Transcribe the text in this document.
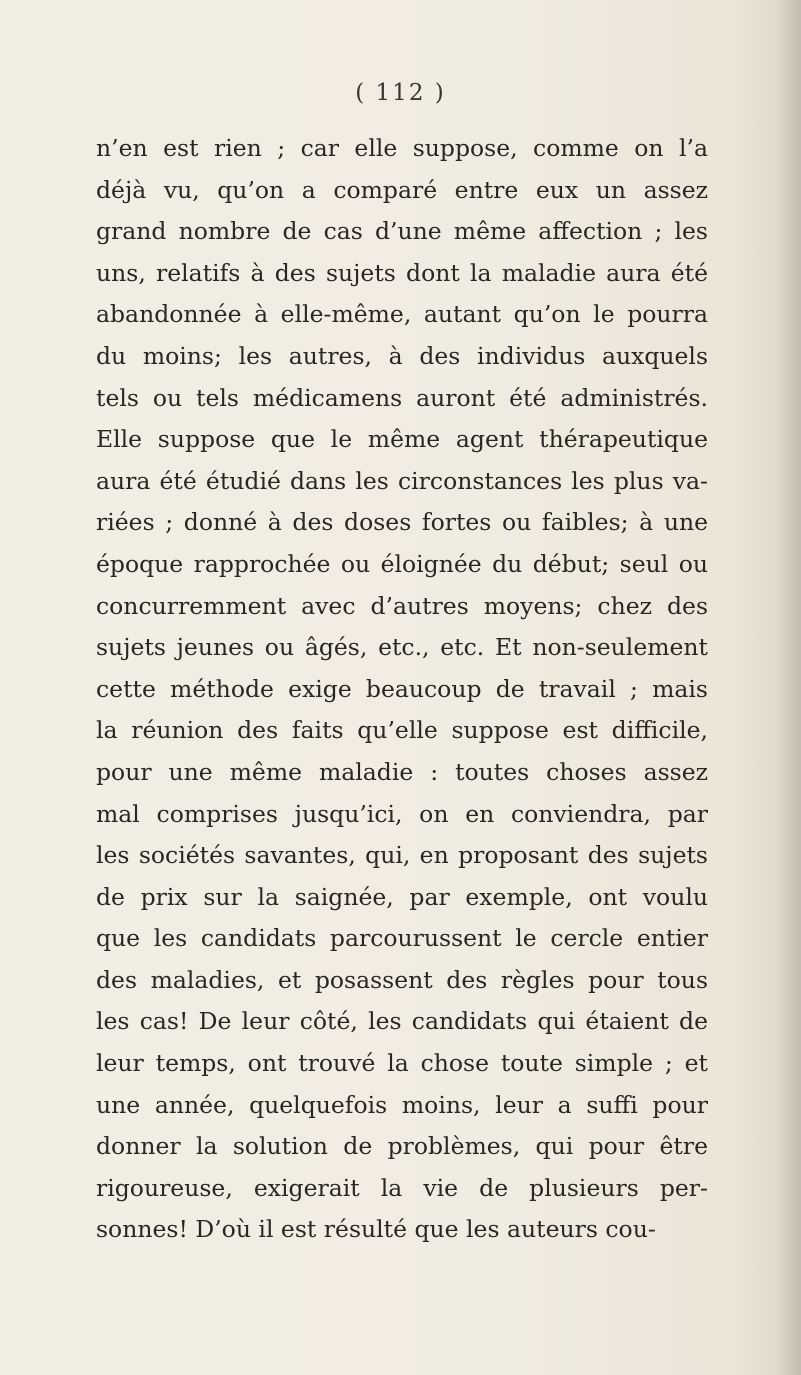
( 112 )
n’en est rien ; car elle suppose, comme on l’a
déjà vu, qu’on a comparé entre eux un assez
grand nombre de cas d’une même affection ; les
uns, relatifs à des sujets dont la maladie aura été
abandonnée à elle-même, autant qu’on le pourra
du moins; les autres, à des individus auxquels
tels ou tels médicamens auront été administrés.
Elle suppose que le même agent thérapeutique
aura été étudié dans les circonstances les plus va-
riées ; donné à des doses fortes ou faibles; à une
époque rapprochée ou éloignée du début; seul ou
concurremment avec d’autres moyens; chez des
sujets jeunes ou âgés, etc., etc. Et non-seulement
cette méthode exige beaucoup de travail ; mais
la réunion des faits qu’elle suppose est difficile,
pour une même maladie : toutes choses assez
mal comprises jusqu’ici, on en conviendra, par
les sociétés savantes, qui, en proposant des sujets
de prix sur la saignée, par exemple, ont voulu
que les candidats parcourussent le cercle entier
des maladies, et posassent des règles pour tous
les cas! De leur côté, les candidats qui étaient de
leur temps, ont trouvé la chose toute simple ; et
une année, quelquefois moins, leur a suffi pour
donner la solution de problèmes, qui pour être
rigoureuse, exigerait la vie de plusieurs per-
sonnes! D’où il est résulté que les auteurs cou-
